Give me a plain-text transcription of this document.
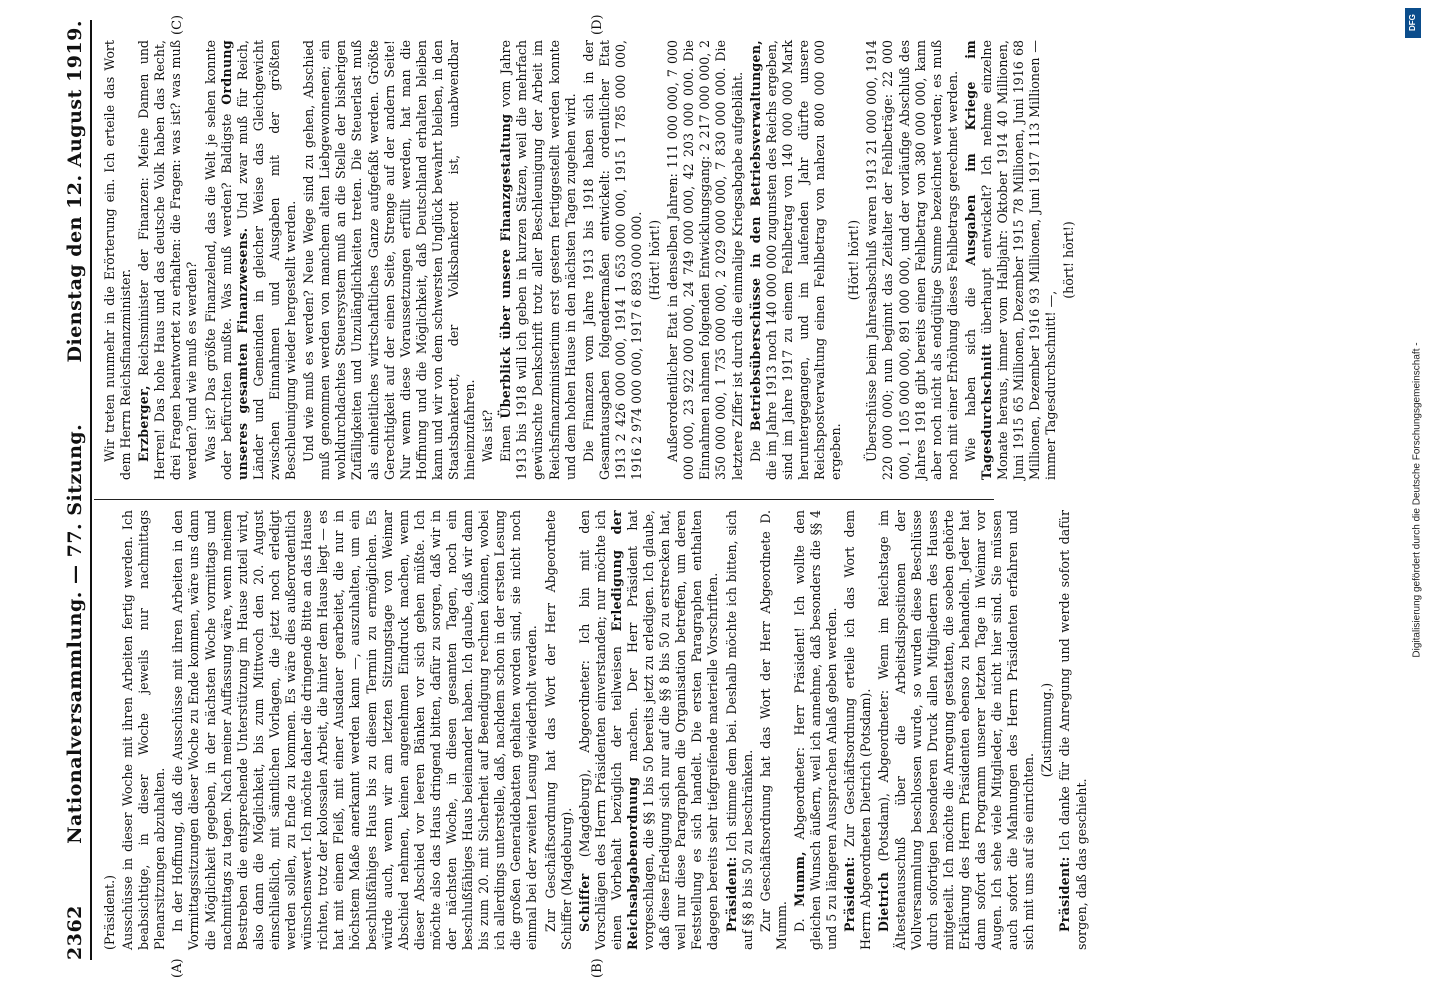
2362
Nationalversammlung. — 77. Sitzung.
Dienstag den 12. August 1919.
(A)	(B)
(C)	(D)

(Präsident.) Ausschüsse in dieser Woche mit ihren Arbeiten fertig werden. Ich beabsichtige, in dieser Woche jeweils nur nachmittags Plenarsitzungen abzuhalten. In der Hoffnung, daß die Ausschüsse mit ihren Arbeiten in den Vormittagssitzungen dieser Woche zu Ende kommen, wäre uns dann die Möglichkeit gegeben, in der nächsten Woche vormittags und nachmittags zu tagen. Nach meiner Auffassung wäre, wenn meinem Bestreben die entsprechende Unterstützung im Hause zuteil wird, also dann die Möglichkeit, bis zum Mittwoch den 20. August einschließlich, mit sämtlichen Vorlagen, die jetzt noch erledigt werden sollen, zu Ende zu kommen. Es wäre dies außerordentlich wünschenswert. Ich möchte daher die dringende Bitte an das Hause richten, trotz der kolossalen Arbeit, die hinter dem Hause liegt — es hat mit einem Fleiß, mit einer Ausdauer gearbeitet, die nur in höchstem Maße anerkannt werden kann —, auszuhalten, um ein beschlußfähiges Haus bis zu diesem Termin zu ermöglichen. Es würde auch, wenn wir am letzten Sitzungstage von Weimar Abschied nehmen, keinen angenehmen Eindruck machen, wenn dieser Abschied vor leeren Bänken vor sich gehen müßte. Ich möchte also das Haus dringend bitten, dafür zu sorgen, daß wir in der nächsten Woche, in diesen gesamten Tagen, noch ein beschlußfähiges Haus beieinander haben. Ich glaube, daß wir dann bis zum 20. mit Sicherheit auf Beendigung rechnen können, wobei ich allerdings unterstelle, daß, nachdem schon in der ersten Lesung die großen Generaldebatten gehalten worden sind, sie nicht noch einmal bei der zweiten Lesung wiederholt werden. Zur Geschäftsordnung hat das Wort der Herr Abgeordnete Schiffer (Magdeburg). Schiffer (Magdeburg), Abgeordneter: Ich bin mit den Vorschlägen des Herrn Präsidenten einverstanden; nur möchte ich einen Vorbehalt bezüglich der teilweisen Erledigung der Reichsabgabenordnung machen. Der Herr Präsident hat vorgeschlagen, die §§ 1 bis 50 bereits jetzt zu erledigen. Ich glaube, daß diese Erledigung sich nur auf die §§ 8 bis 50 zu erstrecken hat, weil nur diese Paragraphen die Organisation betreffen, um deren Feststellung es sich handelt. Die ersten Paragraphen enthalten dagegen bereits sehr tiefgreifende materielle Vorschriften. Präsident: Ich stimme dem bei. Deshalb möchte ich bitten, sich auf §§ 8 bis 50 zu beschränken. Zur Geschäftsordnung hat das Wort der Herr Abgeordnete D. Mumm. D. Mumm, Abgeordneter: Herr Präsident! Ich wollte den gleichen Wunsch äußern, weil ich annehme, daß besonders die §§ 4 und 5 zu längeren Aussprachen Anlaß geben werden. Präsident: Zur Geschäftsordnung erteile ich das Wort dem Herrn Abgeordneten Dietrich (Potsdam). Dietrich (Potsdam), Abgeordneter: Wenn im Reichstage im Ältestenausschuß über die Arbeitsdispositionen der Vollversammlung beschlossen wurde, so wurden diese Beschlüsse durch sofortigen besonderen Druck allen Mitgliedern des Hauses mitgeteilt. Ich möchte die Anregung gestatten, die soeben gehörte Erklärung des Herrn Präsidenten ebenso zu behandeln. Jeder hat dann sofort das Programm unserer letzten Tage in Weimar vor Augen. Ich sehe viele Mitglieder, die nicht hier sind. Sie müssen auch sofort die Mahnungen des Herrn Präsidenten erfahren und sich mit uns auf sie einrichten.

(Zustimmung.)

Präsident: Ich danke für die Anregung und werde sofort dafür sorgen, daß das geschieht.

Wir treten nunmehr in die Erörterung ein. Ich erteile das Wort dem Herrn Reichsfinanzminister. Erzberger, Reichsminister der Finanzen: Meine Damen und Herren! Das hohe Haus und das deutsche Volk haben das Recht, drei Fragen beantwortet zu erhalten: die Fragen: was ist? was muß werden? und wie muß es werden? Was ist? Das größte Finanzelend, das die Welt je sehen konnte oder befürchten mußte. Was muß werden? Baldigste Ordnung unseres gesamten Finanzwesens. Und zwar muß für Reich, Länder und Gemeinden in gleicher Weise das Gleichgewicht zwischen Einnahmen und Ausgaben mit der größten Beschleunigung wieder hergestellt werden. Und wie muß es werden? Neue Wege sind zu gehen, Abschied muß genommen werden von manchem alten Liebgewonnenen; ein wohldurchdachtes Steuersystem muß an die Stelle der bisherigen Zufälligkeiten und Unzulänglichkeiten treten. Die Steuerlast muß als einheitliches wirtschaftliches Ganze aufgefaßt werden. Größte Gerechtigkeit auf der einen Seite, Strenge auf der andern Seite! Nur wenn diese Voraussetzungen erfüllt werden, hat man die Hoffnung und die Möglichkeit, daß Deutschland erhalten bleiben kann und wir von dem schwersten Unglück bewahrt bleiben, in den Staatsbankerott, der Volksbankerott ist, unabwendbar hineinzufahren. Was ist? Einen Überblick über unsere Finanzgestaltung vom Jahre 1913 bis 1918 will ich geben in kurzen Sätzen, weil die mehrfach gewünschte Denkschrift trotz aller Beschleunigung der Arbeit im Reichsfinanzministerium erst gestern fertiggestellt werden konnte und dem hohen Hause in den nächsten Tagen zugehen wird. Die Finanzen vom Jahre 1913 bis 1918 haben sich in der Gesamtausgaben folgendermaßen entwickelt: ordentlicher Etat 1913 2 426 000 000, 1914 1 653 000 000, 1915 1 785 000 000, 1916 2 974 000 000, 1917 6 893 000 000. (Hört! hört!) Außerordentlicher Etat in denselben Jahren: 111 000 000, 7 000 000 000, 23 922 000 000, 24 749 000 000, 42 203 000 000. Die Einnahmen nahmen folgenden Entwicklungsgang: 2 217 000 000, 2 350 000 000, 1 735 000 000, 2 029 000 000, 7 830 000 000. Die letztere Ziffer ist durch die einmalige Kriegsabgabe aufgebläht. Die Betriebsüberschüsse in den Betriebsverwaltungen, die im Jahre 1913 noch 140 000 000 zugunsten des Reichs ergeben, sind im Jahre 1917 zu einem Fehlbetrag von 140 000 000 Mark heruntergegangen, und im laufenden Jahr dürfte unsere Reichspostverwaltung einen Fehlbetrag von nahezu 800 000 000 ergeben.

(Hört! hört!) Überschüsse beim Jahresabschluß waren 1913 21 000 000, 1914 220 000 000; nun beginnt das Zeitalter der Fehlbeträge: 22 000 000, 1 105 000 000, 891 000 000, und der vorläufige Abschluß des Jahres 1918 gibt bereits einen Fehlbetrag von 380 000 000, kann aber noch nicht als endgültige Summe bezeichnet werden; es muß noch mit einer Erhöhung dieses Fehlbetrags gerechnet werden. Wie haben sich die Ausgaben im Kriege im Tagesdurchschnitt überhaupt entwickelt? Ich nehme einzelne Monate heraus, immer vom Halbjahr: Oktober 1914 40 Millionen, Juni 1915 65 Millionen, Dezember 1915 78 Millionen, Juni 1916 68 Millionen, Dezember 1916 93 Millionen, Juni 1917 113 Millionen — immer Tagesdurchschnitt! —,

(hört! hört!)

DFG
Digitalisierung gefördert durch die Deutsche Forschungsgemeinschaft -
